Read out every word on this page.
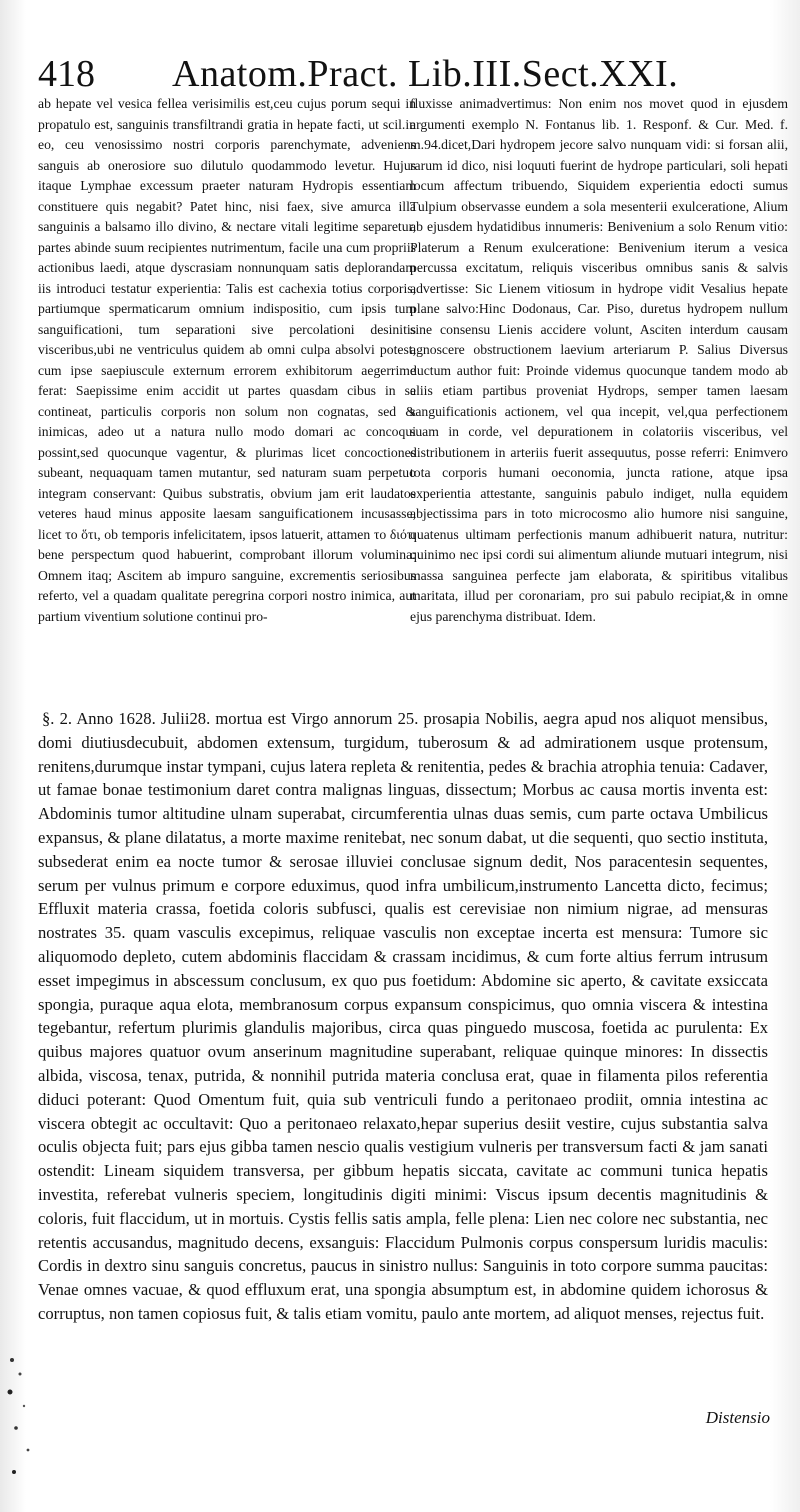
418 Anatom.Pract. Lib.III.Sect.XXI.

ab hepate vel vesica fellea verisimilis est,ceu cujus porum sequi in propatulo est, sanguinis transfiltrandi gratia in hepate facti, ut scil.in eo, ceu venosissimo nostri corporis parenchymate, adveniens sanguis ab onerosiore suo dilutulo quodammodo levetur. Hujus itaque Lymphae excessum praeter naturam Hydropis essentiam constituere quis negabit? Patet hinc, nisi faex, sive amurca illa sanguinis a balsamo illo divino, & nectare vitali legitime separetur, partes abinde suum recipientes nutrimentum, facile una cum propriis actionibus laedi, atque dyscrasiam nonnunquam satis deplorandam iis introduci testatur experientia: Talis est cachexia totius corporis, partiumque spermaticarum omnium indispositio, cum ipsis tum sanguificationi, tum separationi sive percolationi desinitis visceribus,ubi ne ventriculus quidem ab omni culpa absolvi potest, cum ipse saepiuscule externum errorem exhibitorum aegerrime ferat: Saepissime enim accidit ut partes quasdam cibus in se contineat, particulis corporis non solum non cognatas, sed & inimicas, adeo ut a natura nullo modo domari ac concoqui possint,sed quocunque vagentur, & plurimas licet concoctiones subeant, nequaquam tamen mutantur, sed naturam suam perpetuo integram conservant: Quibus substratis, obvium jam erit laudatos veteres haud minus apposite laesam sanguificationem incusasse, licet το ὅτι, ob temporis infelicitatem, ipsos latuerit, attamen το διότι bene perspectum quod habuerint, comprobant illorum volumina: Omnem itaq; Ascitem ab impuro sanguine, excrementis seriosibus referto, vel a quadam qualitate peregrina corpori nostro inimica, aut partium viventium solutione continui pro-

fluxisse animadvertimus: Non enim nos movet quod in ejusdem argumenti exemplo N. Fontanus lib. 1. Responf. & Cur. Med. f. m.94.dicet,Dari hydropem jecore salvo nunquam vidi: si forsan alii, rarum id dico, nisi loquuti fuerint de hydrope particulari, soli hepati locum affectum tribuendo, Siquidem experientia edocti sumus Tulpium observasse eundem a sola mesenterii exulceratione, Alium ab ejusdem hydatidibus innumeris: Benivenium a solo Renum vitio: Platerum a Renum exulceratione: Benivenium iterum a vesica percussa excitatum, reliquis visceribus omnibus sanis & salvis advertisse: Sic Lienem vitiosum in hydrope vidit Vesalius hepate plane salvo:Hinc Dodonaus, Car. Piso, duretus hydropem nullum sine consensu Lienis accidere volunt, Asciten interdum causam agnoscere obstructionem laevium arteriarum P. Salius Diversus ductum author fuit: Proinde videmus quocunque tandem modo ab aliis etiam partibus proveniat Hydrops, semper tamen laesam sanguificationis actionem, vel qua incepit, vel,qua perfectionem suam in corde, vel depurationem in colatoriis visceribus, vel distributionem in arteriis fuerit assequutus, posse referri: Enimvero tota corporis humani oeconomia, juncta ratione, atque ipsa experientia attestante, sanguinis pabulo indiget, nulla equidem abjectissima pars in toto microcosmo alio humore nisi sanguine, quatenus ultimam perfectionis manum adhibuerit natura, nutritur: quinimo nec ipsi cordi sui alimentum aliunde mutuari integrum, nisi massa sanguinea perfecte jam elaborata, & spiritibus vitalibus maritata, illud per coronariam, pro sui pabulo recipiat,& in omne ejus parenchyma distribuat. Idem.

§. 2. Anno 1628. Julii28. mortua est Virgo annorum 25. prosapia Nobilis, aegra apud nos aliquot mensibus, domi diutiusdecubuit, abdomen extensum, turgidum, tuberosum & ad admirationem usque protensum, renitens,durumque instar tympani, cujus latera repleta & renitentia, pedes & brachia atrophia tenuia: Cadaver, ut famae bonae testimonium daret contra malignas linguas, dissectum; Morbus ac causa mortis inventa est: Abdominis tumor altitudine ulnam superabat, circumferentia ulnas duas semis, cum parte octava Umbilicus expansus, & plane dilatatus, a morte maxime renitebat, nec sonum dabat, ut die sequenti, quo sectio instituta, subsederat enim ea nocte tumor & serosae illuviei conclusae signum dedit, Nos paracentesin sequentes, serum per vulnus primum e corpore eduximus, quod infra umbilicum,instrumento Lancetta dicto, fecimus; Effluxit materia crassa, foetida coloris subfusci, qualis est cerevisiae non nimium nigrae, ad mensuras nostrates 35. quam vasculis excepimus, reliquae vasculis non exceptae incerta est mensura: Tumore sic aliquomodo depleto, cutem abdominis flaccidam & crassam incidimus, & cum forte altius ferrum intrusum esset impegimus in abscessum conclusum, ex quo pus foetidum: Abdomine sic aperto, & cavitate exsiccata spongia, puraque aqua elota, membranosum corpus expansum conspicimus, quo omnia viscera & intestina tegebantur, refertum plurimis glandulis majoribus, circa quas pinguedo muscosa, foetida ac purulenta: Ex quibus majores quatuor ovum anserinum magnitudine superabant, reliquae quinque minores: In dissectis albida, viscosa, tenax, putrida, & nonnihil putrida materia conclusa erat, quae in filamenta pilos referentia diduci poterant: Quod Omentum fuit, quia sub ventriculi fundo a peritonaeo prodiit, omnia intestina ac viscera obtegit ac occultavit: Quo a peritonaeo relaxato,hepar superius desiit vestire, cujus substantia salva oculis objecta fuit; pars ejus gibba tamen nescio qualis vestigium vulneris per transversum facti & jam sanati ostendit: Lineam siquidem transversa, per gibbum hepatis siccata, cavitate ac communi tunica hepatis investita, referebat vulneris speciem, longitudinis digiti minimi: Viscus ipsum decentis magnitudinis & coloris, fuit flaccidum, ut in mortuis. Cystis fellis satis ampla, felle plena: Lien nec colore nec substantia, nec retentis accusandus, magnitudo decens, exsanguis: Flaccidum Pulmonis corpus conspersum luridis maculis: Cordis in dextro sinu sanguis concretus, paucus in sinistro nullus: Sanguinis in toto corpore summa paucitas: Venae omnes vacuae, & quod effluxum erat, una spongia absumptum est, in abdomine quidem ichorosus & corruptus, non tamen copiosus fuit, & talis etiam vomitu, paulo ante mortem, ad aliquot menses, rejectus fuit.

Distensio
